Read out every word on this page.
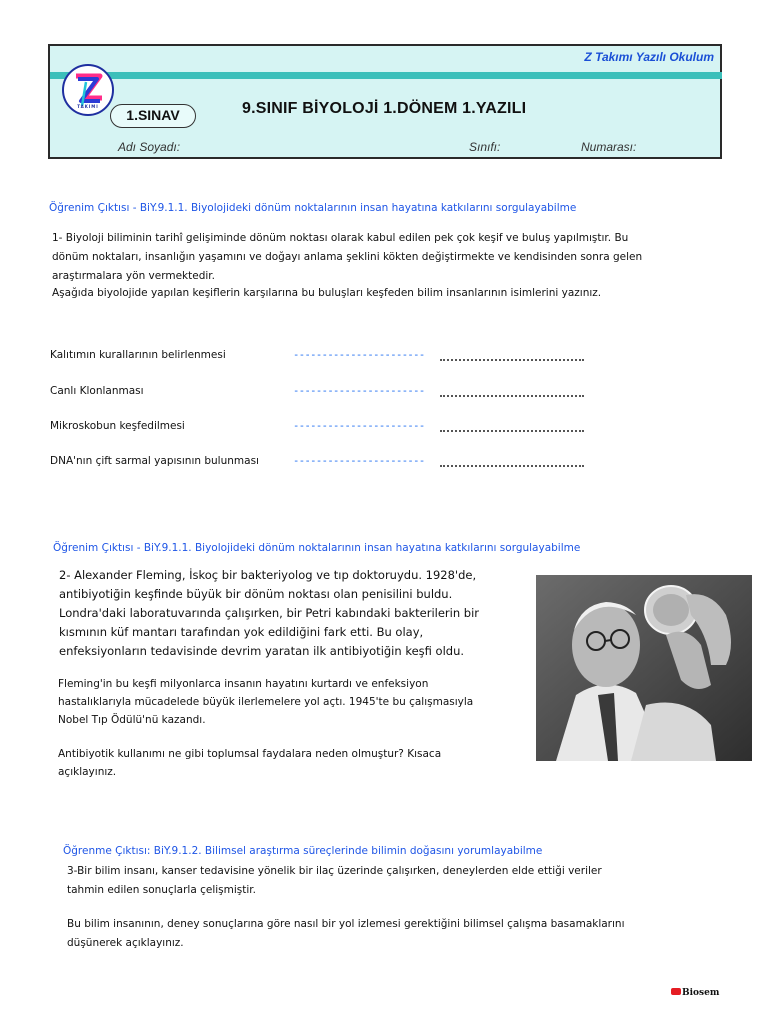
Z Takımı Yazılı Okulum
TAKIMI
1.SINAV	9.SINIF BİYOLOJİ 1.DÖNEM 1.YAZILI
Adı Soyadı:	Sınıfı:	Numarası:
Öğrenim Çıktısı - BiY.9.1.1. Biyolojideki dönüm noktalarının insan hayatına katkılarını sorgulayabilme

1- Biyoloji biliminin tarihî gelişiminde dönüm noktası olarak kabul edilen pek çok keşif ve buluş yapılmıştır. Bu

dönüm noktaları, insanlığın yaşamını ve doğayı anlama şeklini kökten değiştirmekte ve kendisinden sonra gelen

araştırmalara yön vermektedir.

Aşağıda biyolojide yapılan keşiflerin karşılarına bu buluşları keşfeden bilim insanlarının isimlerini yazınız.

Kalıtımın kurallarının belirlenmesi	-----------------------
Canlı Klonlanması	-----------------------
Mikroskobun keşfedilmesi	-----------------------
DNA'nın çift sarmal yapısının bulunması	-----------------------
Öğrenim Çıktısı - BiY.9.1.1. Biyolojideki dönüm noktalarının insan hayatına katkılarını sorgulayabilme

2- Alexander Fleming, İskoç bir bakteriyolog ve tıp doktoruydu. 1928'de,

antibiyotiğin keşfinde büyük bir dönüm noktası olan penisilini buldu.

Londra'daki laboratuvarında çalışırken, bir Petri kabındaki bakterilerin bir

kısmının küf mantarı tarafından yok edildiğini fark etti. Bu olay,

enfeksiyonların tedavisinde devrim yaratan ilk antibiyotiğin keşfi oldu.

Fleming'in bu keşfi milyonlarca insanın hayatını kurtardı ve enfeksiyon

hastalıklarıyla mücadelede büyük ilerlemelere yol açtı. 1945'te bu çalışmasıyla

Nobel Tıp Ödülü'nü kazandı.

Antibiyotik kullanımı ne gibi toplumsal faydalara neden olmuştur? Kısaca

açıklayınız.

Öğrenme Çıktısı: BiY.9.1.2. Bilimsel araştırma süreçlerinde bilimin doğasını yorumlayabilme

3-Bir bilim insanı, kanser tedavisine yönelik bir ilaç üzerinde çalışırken, deneylerden elde ettiği veriler

tahmin edilen sonuçlarla çelişmiştir.

Bu bilim insanının, deney sonuçlarına göre nasıl bir yol izlemesi gerektiğini bilimsel çalışma basamaklarını

düşünerek açıklayınız.

Biosem
